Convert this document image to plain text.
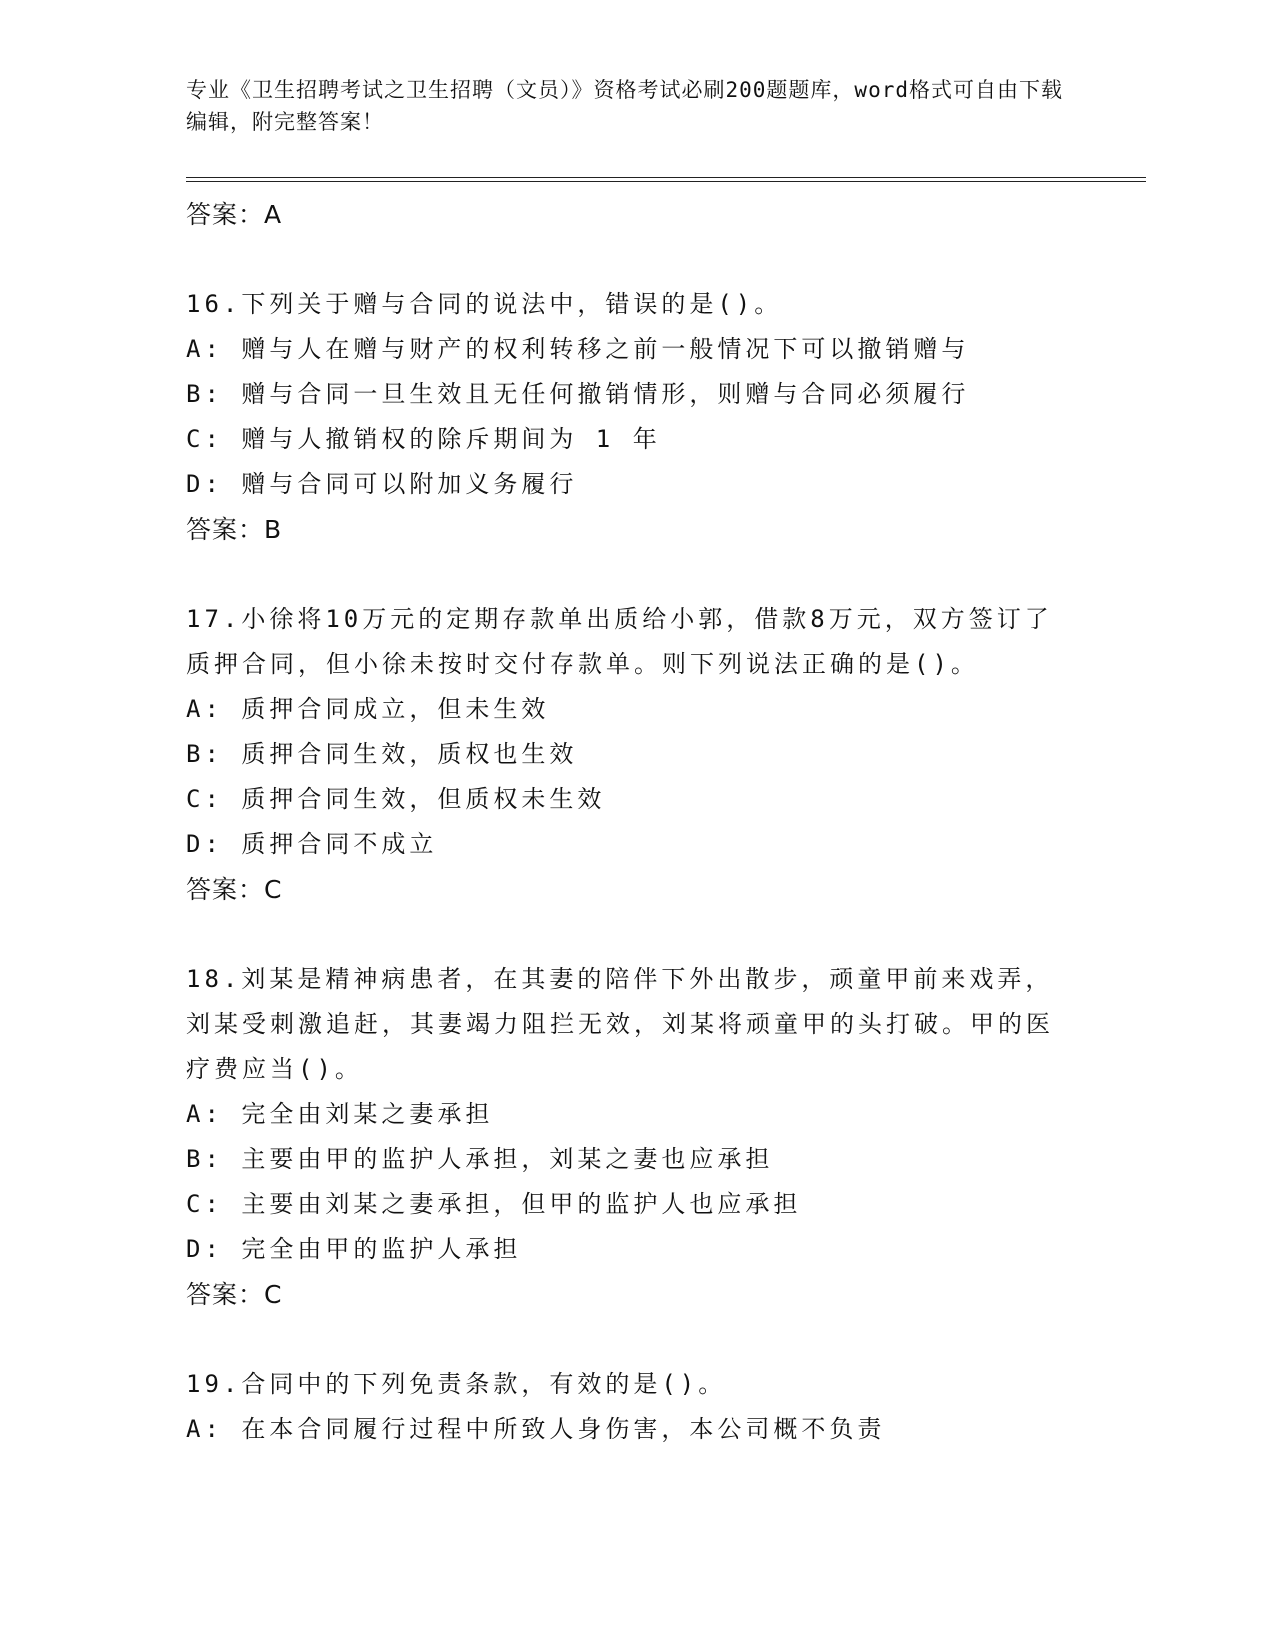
专业《卫生招聘考试之卫生招聘（文员）》资格考试必刷200题题库，word格式可自由下载编辑，附完整答案！
答案：A
16.下列关于赠与合同的说法中，错误的是()。
A: 赠与人在赠与财产的权利转移之前一般情况下可以撤销赠与
B: 赠与合同一旦生效且无任何撤销情形，则赠与合同必须履行
C: 赠与人撤销权的除斥期间为 1 年
D: 赠与合同可以附加义务履行
答案：B
17.小徐将10万元的定期存款单出质给小郭，借款8万元，双方签订了质押合同，但小徐未按时交付存款单。则下列说法正确的是()。
A: 质押合同成立，但未生效
B: 质押合同生效，质权也生效
C: 质押合同生效，但质权未生效
D: 质押合同不成立
答案：C
18.刘某是精神病患者，在其妻的陪伴下外出散步，顽童甲前来戏弄，刘某受刺激追赶，其妻竭力阻拦无效，刘某将顽童甲的头打破。甲的医疗费应当()。
A: 完全由刘某之妻承担
B: 主要由甲的监护人承担，刘某之妻也应承担
C: 主要由刘某之妻承担，但甲的监护人也应承担
D: 完全由甲的监护人承担
答案：C
19.合同中的下列免责条款，有效的是()。
A: 在本合同履行过程中所致人身伤害，本公司概不负责
